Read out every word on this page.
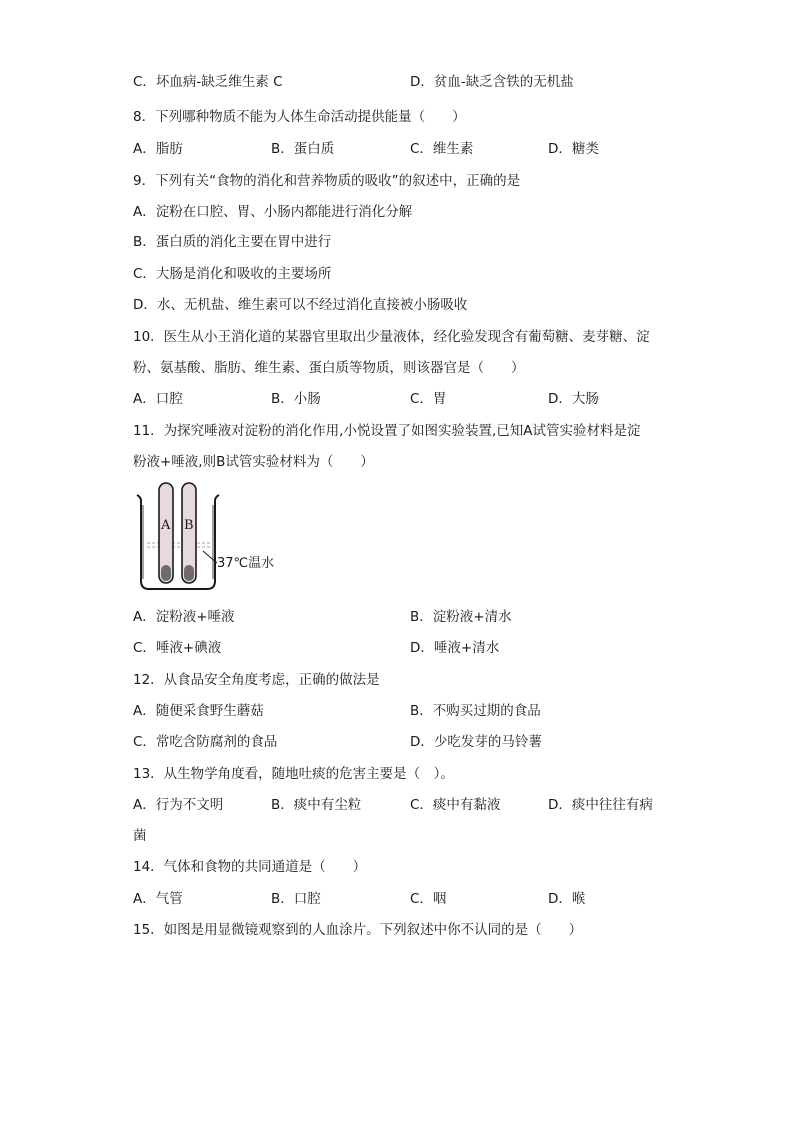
C．坏血病-缺乏维生素 C	D．贫血-缺乏含铁的无机盐
8．下列哪种物质不能为人体生命活动提供能量（　　）
A．脂肪	B．蛋白质	C．维生素	D．糖类
9．下列有关“食物的消化和营养物质的吸收”的叙述中，正确的是
A．淀粉在口腔、胃、小肠内都能进行消化分解
B．蛋白质的消化主要在胃中进行
C．大肠是消化和吸收的主要场所
D．水、无机盐、维生素可以不经过消化直接被小肠吸收
10．医生从小王消化道的某器官里取出少量液体，经化验发现含有葡萄糖、麦芽糖、淀
粉、氨基酸、脂肪、维生素、蛋白质等物质，则该器官是（　　）
A．口腔	B．小肠	C．胃	D．大肠
11．为探究唾液对淀粉的消化作用,小悦设置了如图实验装置,已知A试管实验材料是淀
粉液+唾液,则B试管实验材料为（　　）
A B
37℃温水
A．淀粉液+唾液	B．淀粉液+清水
C．唾液+碘液	D．唾液+清水
12．从食品安全角度考虑，正确的做法是
A．随便采食野生蘑菇	B．不购买过期的食品
C．常吃含防腐剂的食品	D．少吃发芽的马铃薯
13．从生物学角度看，随地吐痰的危害主要是（　）。
A．行为不文明	B．痰中有尘粒	C．痰中有黏液	D．痰中往往有病
菌
14．气体和食物的共同通道是（　　）
A．气管	B．口腔	C．咽	D．喉
15．如图是用显微镜观察到的人血涂片。下列叙述中你不认同的是（　　）
